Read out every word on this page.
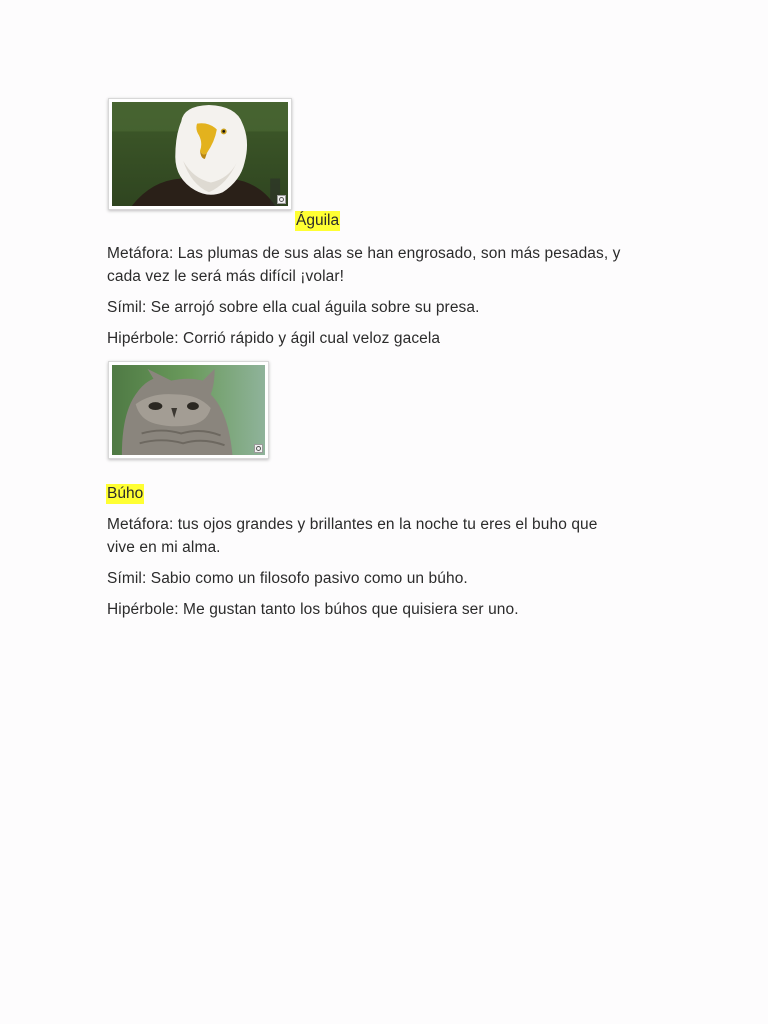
Águila
Metáfora: Las plumas de sus alas se han engrosado, son más pesadas, y
cada vez le será más difícil ¡volar!
Símil: Se arrojó sobre ella cual águila sobre su presa.
Hipérbole: Corrió rápido y ágil cual veloz gacela
Búho
Metáfora: tus ojos grandes y brillantes en la noche tu eres el buho que
vive en mi alma.
Símil: Sabio como un filosofo pasivo como un búho.
Hipérbole: Me gustan tanto los búhos que quisiera ser uno.
